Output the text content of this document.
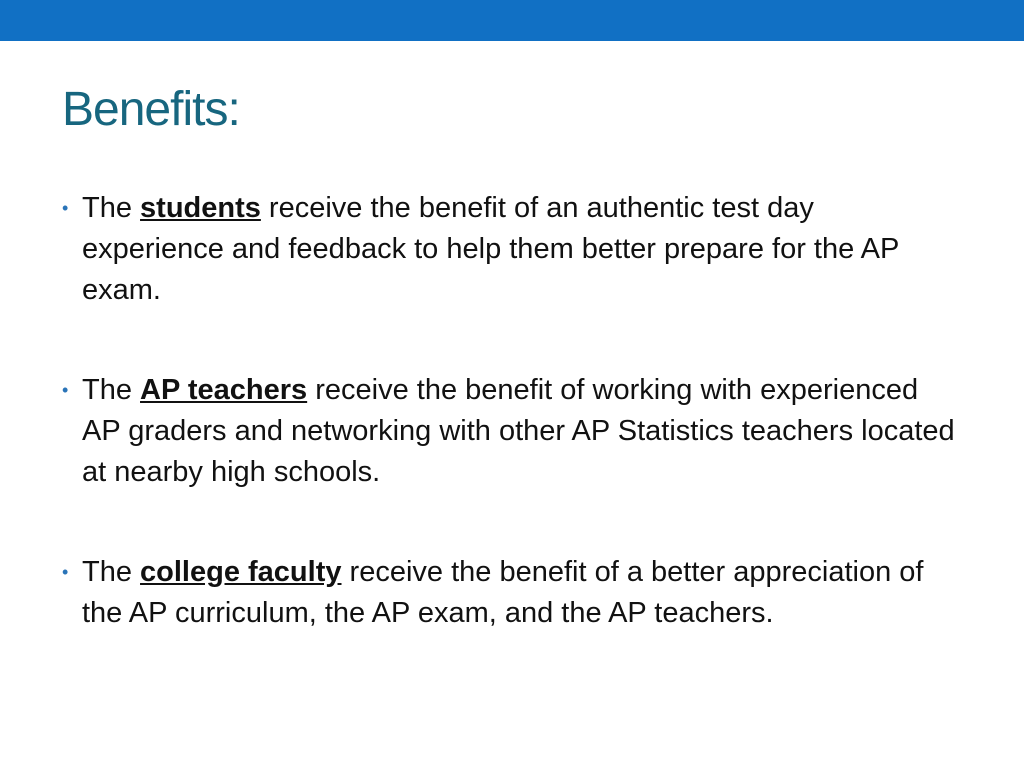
Benefits:
• The students receive the benefit of an authentic test day experience and feedback to help them better prepare for the AP exam.
• The AP teachers receive the benefit of working with experienced AP graders and networking with other AP Statistics teachers located at nearby high schools.
• The college faculty receive the benefit of a better appreciation of the AP curriculum, the AP exam, and the AP teachers.
